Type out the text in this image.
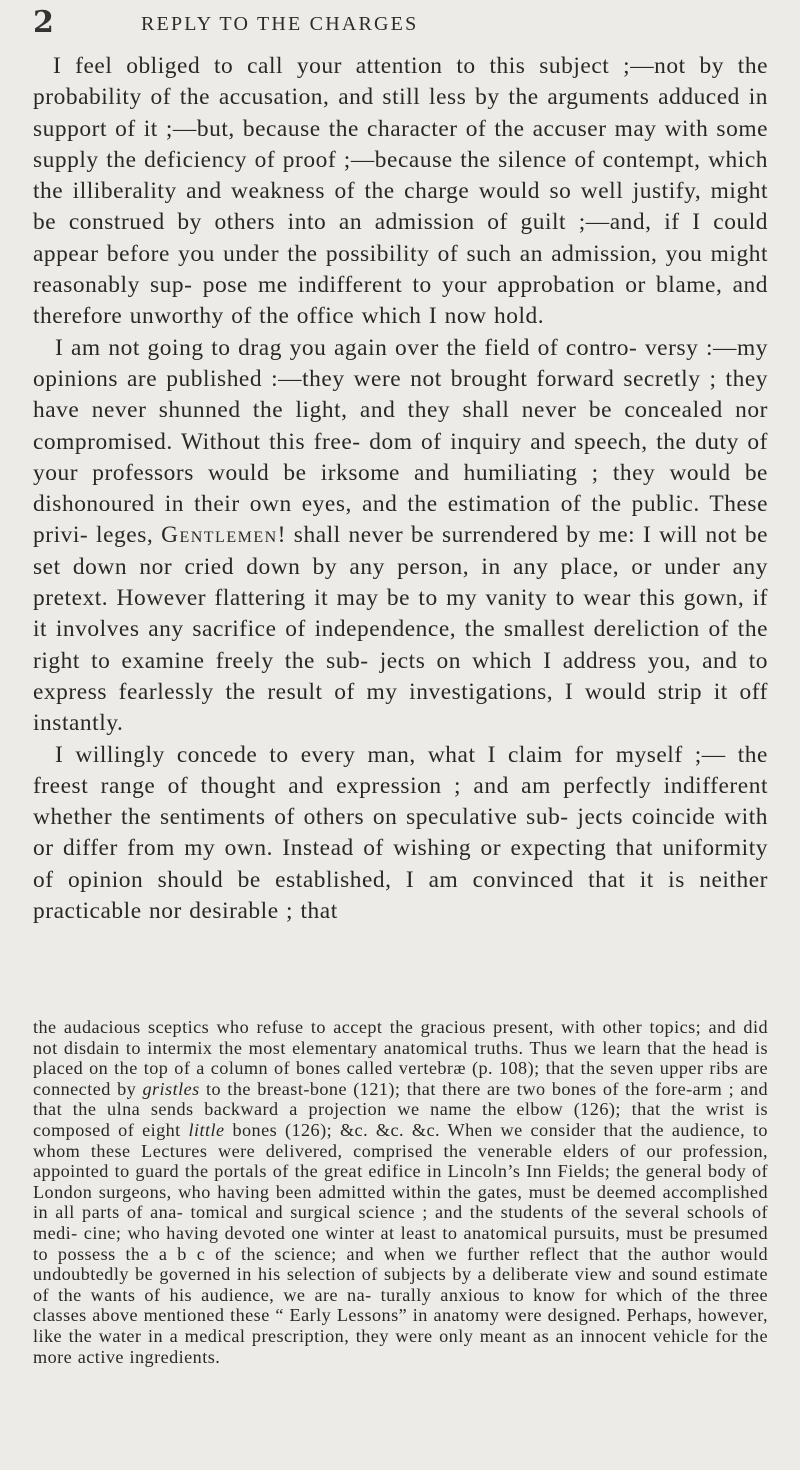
2	REPLY TO THE CHARGES

I feel obliged to call your attention to this subject ;—not by the probability of the accusation, and still less by the arguments adduced in support of it ;—but, because the character of the accuser may with some supply the deficiency of proof ;—because the silence of contempt, which the illiberality and weakness of the charge would so well justify, might be construed by others into an admission of guilt ;—and, if I could appear before you under the possibility of such an admission, you might reasonably sup- pose me indifferent to your approbation or blame, and therefore unworthy of the office which I now hold.

I am not going to drag you again over the field of contro- versy :—my opinions are published :—they were not brought forward secretly ; they have never shunned the light, and they shall never be concealed nor compromised. Without this free- dom of inquiry and speech, the duty of your professors would be irksome and humiliating ; they would be dishonoured in their own eyes, and the estimation of the public. These privi- leges, Gentlemen! shall never be surrendered by me: I will not be set down nor cried down by any person, in any place, or under any pretext. However flattering it may be to my vanity to wear this gown, if it involves any sacrifice of independence, the smallest dereliction of the right to examine freely the sub- jects on which I address you, and to express fearlessly the result of my investigations, I would strip it off instantly.

I willingly concede to every man, what I claim for myself ;— the freest range of thought and expression ; and am perfectly indifferent whether the sentiments of others on speculative sub- jects coincide with or differ from my own. Instead of wishing or expecting that uniformity of opinion should be established, I am convinced that it is neither practicable nor desirable ; that

the audacious sceptics who refuse to accept the gracious present, with other topics; and did not disdain to intermix the most elementary anatomical truths. Thus we learn that the head is placed on the top of a column of bones called vertebræ (p. 108); that the seven upper ribs are connected by gristles to the breast-bone (121); that there are two bones of the fore-arm ; and that the ulna sends backward a projection we name the elbow (126); that the wrist is composed of eight little bones (126); &c. &c. &c. When we consider that the audience, to whom these Lectures were delivered, comprised the venerable elders of our profession, appointed to guard the portals of the great edifice in Lincoln’s Inn Fields; the general body of London surgeons, who having been admitted within the gates, must be deemed accomplished in all parts of ana- tomical and surgical science ; and the students of the several schools of medi- cine; who having devoted one winter at least to anatomical pursuits, must be presumed to possess the a b c of the science; and when we further reflect that the author would undoubtedly be governed in his selection of subjects by a deliberate view and sound estimate of the wants of his audience, we are na- turally anxious to know for which of the three classes above mentioned these “ Early Lessons” in anatomy were designed. Perhaps, however, like the water in a medical prescription, they were only meant as an innocent vehicle for the more active ingredients.
